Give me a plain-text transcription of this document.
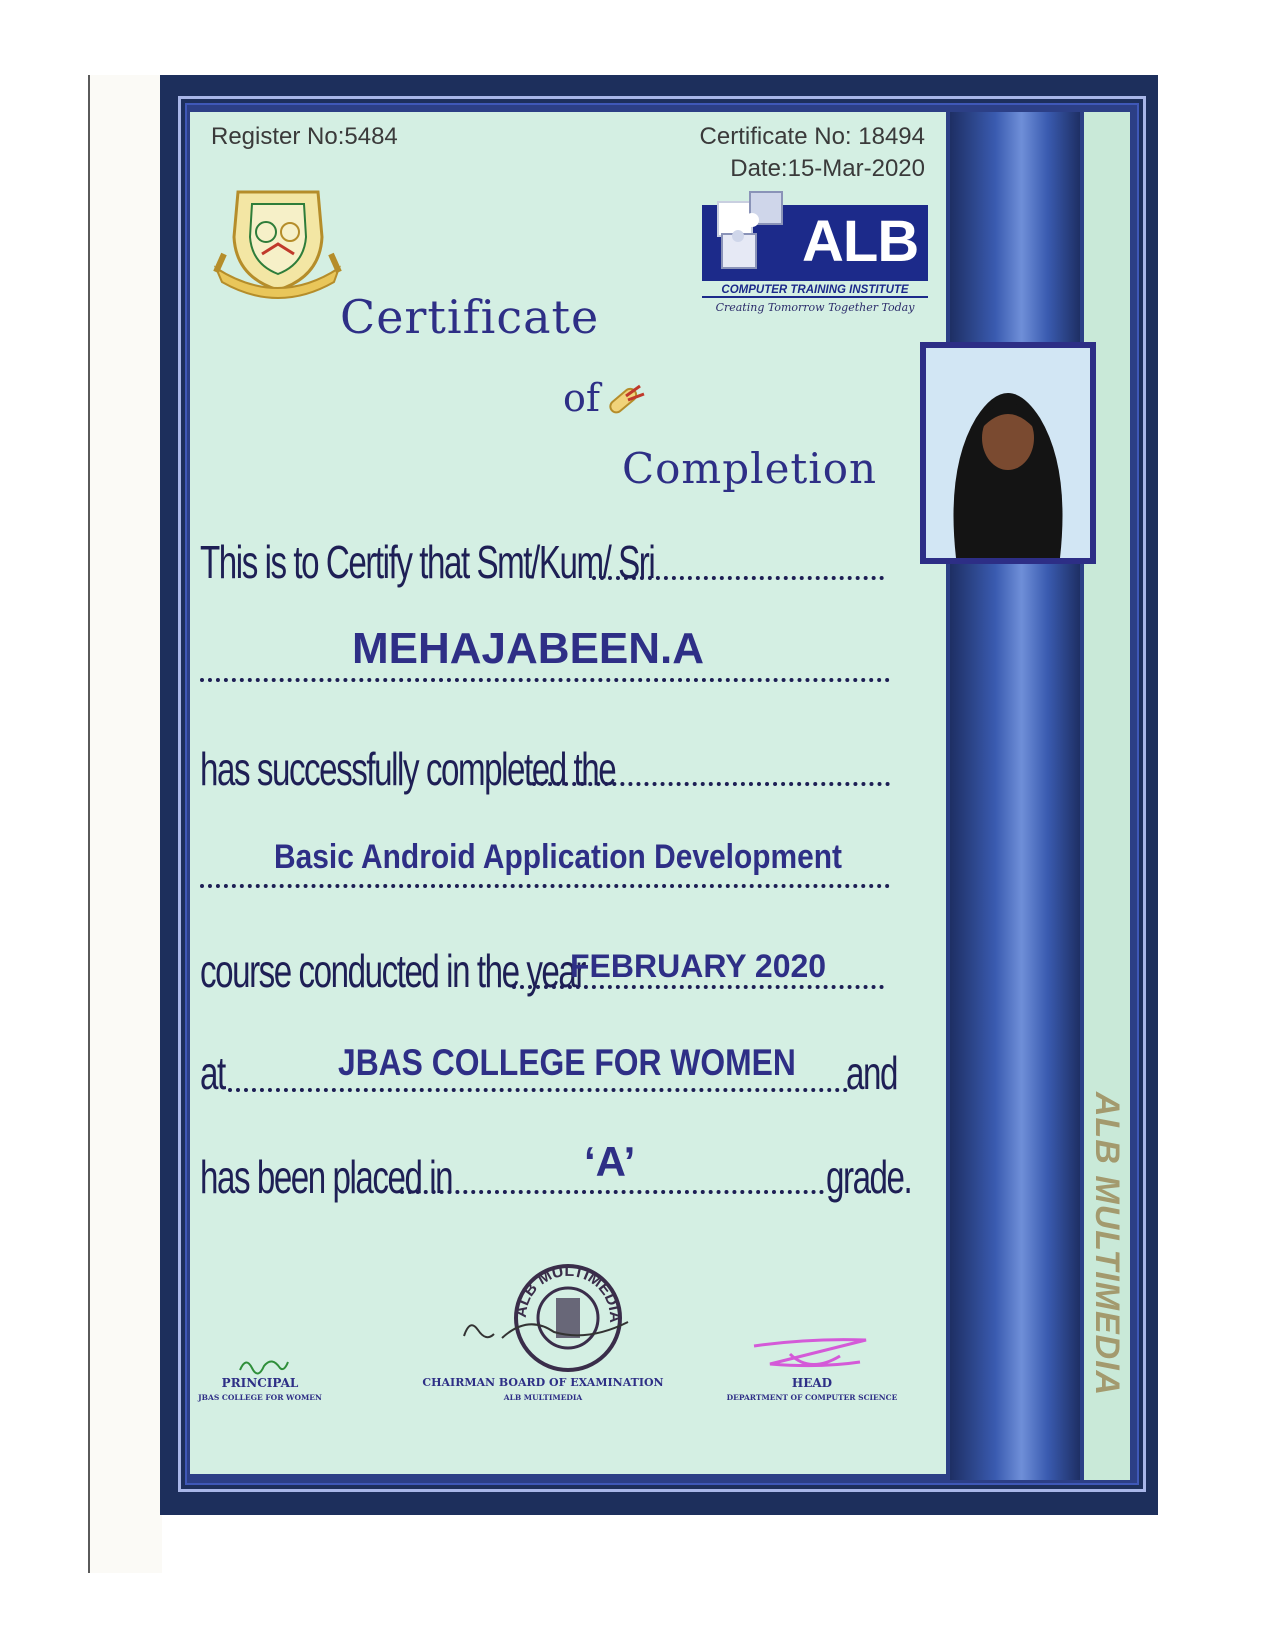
ALB MULTIMEDIA
Register No:5484	Certificate No: 18494
Date:15-Mar-2020
ALB
COMPUTER TRAINING INSTITUTE
Creating Tomorrow Together Today
Certificate
of
Completion
This is to Certify that Smt/Kum/ Sri
MEHAJABEEN.A
has successfully completed the
Basic Android Application Development
course conducted in the year
FEBRUARY 2020
at	JBAS COLLEGE FOR WOMEN and
has been placed in	‘A’	grade.
ALB MULTIMEDIA
PRINCIPAL
JBAS COLLEGE FOR WOMEN
CHAIRMAN BOARD OF EXAMINATION
ALB MULTIMEDIA
HEAD
DEPARTMENT OF COMPUTER SCIENCE
